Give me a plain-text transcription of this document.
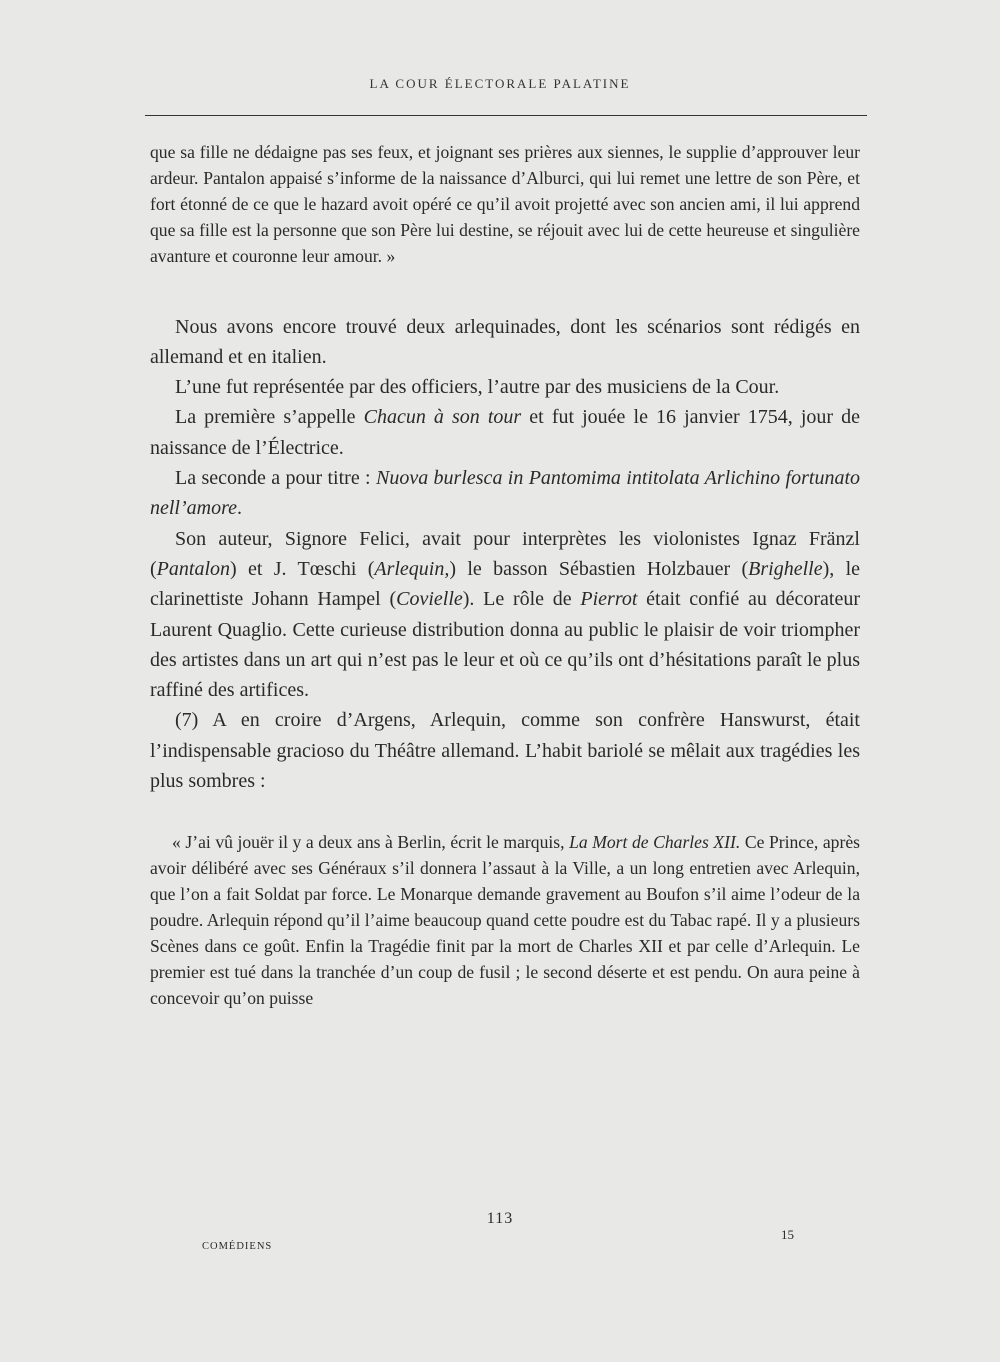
LA COUR ÉLECTORALE PALATINE

que sa fille ne dédaigne pas ses feux, et joignant ses prières aux siennes, le supplie d’approuver leur ardeur. Pantalon appaisé s’informe de la naissance d’Alburci, qui lui remet une lettre de son Père, et fort étonné de ce que le hazard avoit opéré ce qu’il avoit projetté avec son ancien ami, il lui apprend que sa fille est la personne que son Père lui destine, se réjouit avec lui de cette heureuse et singulière avanture et couronne leur amour. »

Nous avons encore trouvé deux arlequinades, dont les scénarios sont rédigés en allemand et en italien.

L’une fut représentée par des officiers, l’autre par des musiciens de la Cour.

La première s’appelle Chacun à son tour et fut jouée le 16 janvier 1754, jour de naissance de l’Électrice.

La seconde a pour titre : Nuova burlesca in Pantomima intitolata Arlichino fortunato nell’amore.

Son auteur, Signore Felici, avait pour interprètes les violonistes Ignaz Fränzl (Pantalon) et J. Tœschi (Arlequin,) le basson Sébastien Holzbauer (Brighelle), le clarinettiste Johann Hampel (Covielle). Le rôle de Pierrot était confié au décorateur Laurent Quaglio. Cette curieuse distribution donna au public le plaisir de voir triompher des artistes dans un art qui n’est pas le leur et où ce qu’ils ont d’hésitations paraît le plus raffiné des artifices.

(7) A en croire d’Argens, Arlequin, comme son confrère Hanswurst, était l’indispensable gracioso du Théâtre allemand. L’habit bariolé se mêlait aux tragédies les plus sombres :

« J’ai vû jouër il y a deux ans à Berlin, écrit le marquis, La Mort de Charles XII. Ce Prince, après avoir délibéré avec ses Généraux s’il donnera l’assaut à la Ville, a un long entretien avec Arlequin, que l’on a fait Soldat par force. Le Monarque demande gravement au Boufon s’il aime l’odeur de la poudre. Arlequin répond qu’il l’aime beaucoup quand cette poudre est du Tabac rapé. Il y a plusieurs Scènes dans ce goût. Enfin la Tragédie finit par la mort de Charles XII et par celle d’Arlequin. Le premier est tué dans la tranchée d’un coup de fusil ; le second déserte et est pendu. On aura peine à concevoir qu’on puisse

113
COMÉDIENS
15
